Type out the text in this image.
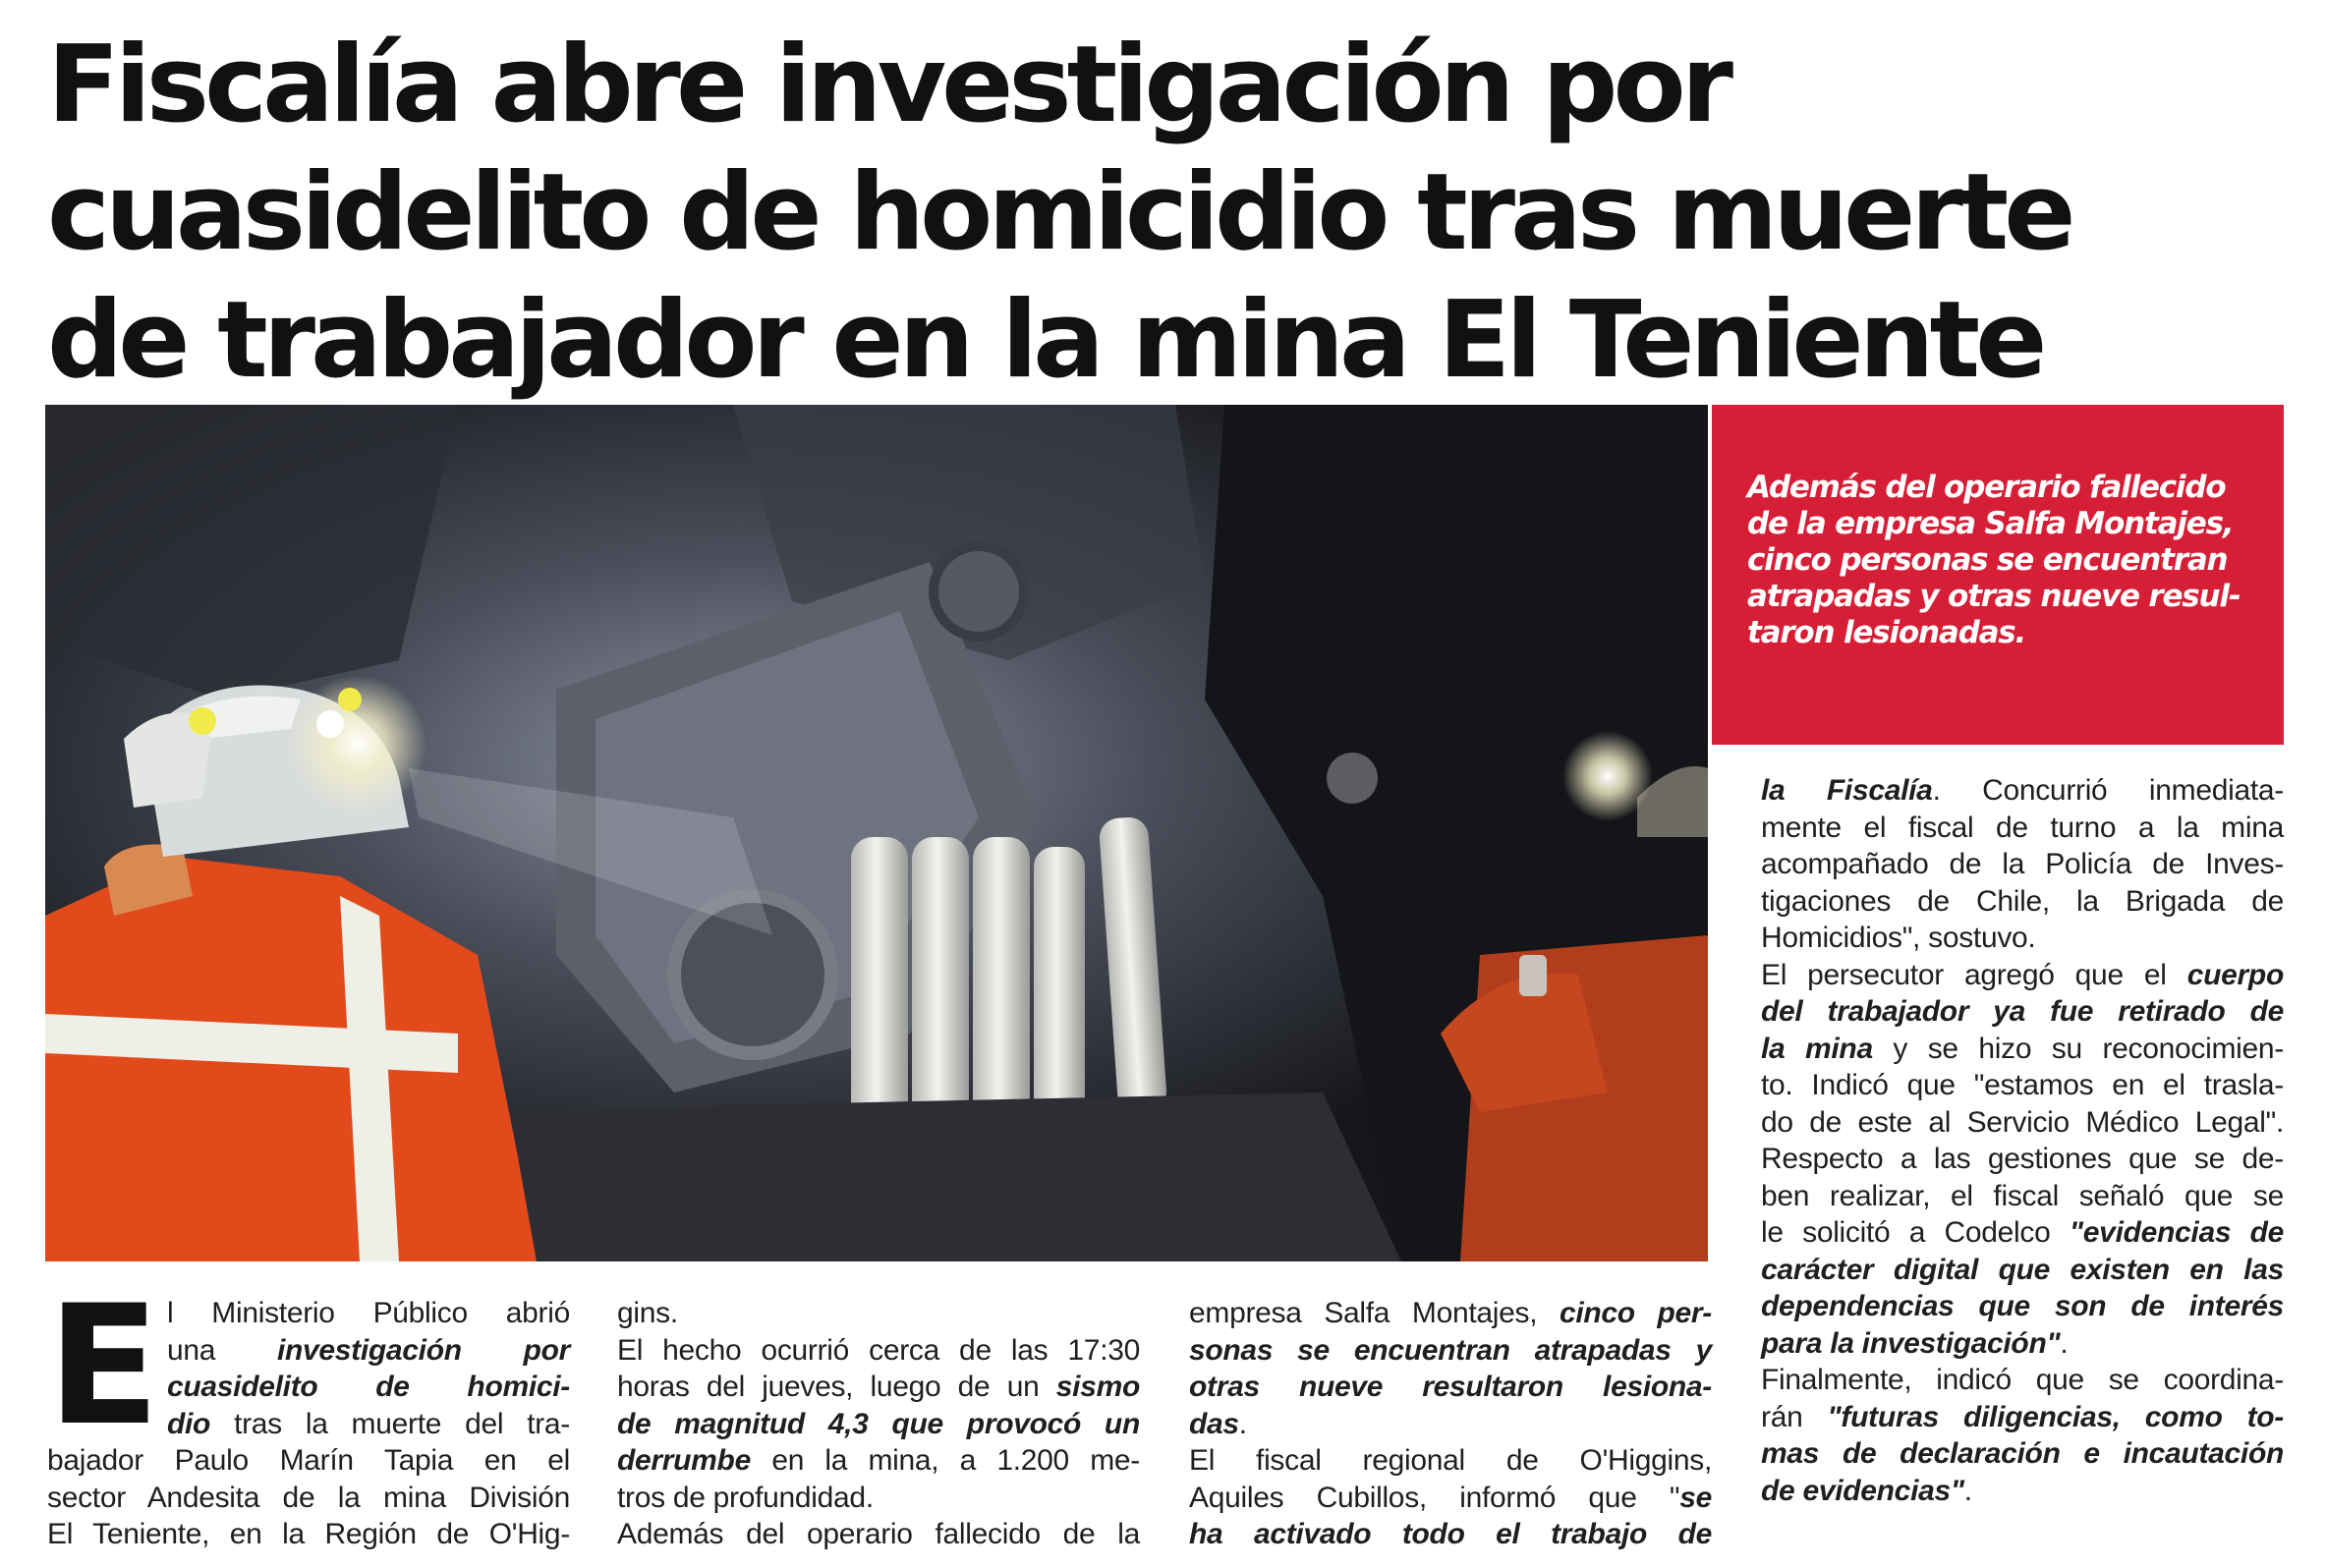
Fiscalía abre investigación por
cuasidelito de homicidio tras muerte
de trabajador en la mina El Teniente

Además del operario fallecido
de la empresa Salfa Montajes,
cinco personas se encuentran
atrapadas y otras nueve resul-
taron lesionadas.

E l Ministerio Público abrió
una investigación por
cuasidelito de homici-
dio tras la muerte del tra-
bajador Paulo Marín Tapia en el
sector Andesita de la mina División
El Teniente, en la Región de O'Hig-
gins.
El hecho ocurrió cerca de las 17:30
horas del jueves, luego de un sismo
de magnitud 4,3 que provocó un
derrumbe en la mina, a 1.200 me-
tros de profundidad.
Además del operario fallecido de la
empresa Salfa Montajes, cinco per-
sonas se encuentran atrapadas y
otras nueve resultaron lesiona-
das.
El fiscal regional de O'Higgins,
Aquiles Cubillos, informó que "se
ha activado todo el trabajo de
la Fiscalía. Concurrió inmediata-
mente el fiscal de turno a la mina
acompañado de la Policía de Inves-
tigaciones de Chile, la Brigada de
Homicidios", sostuvo.
El persecutor agregó que el cuerpo
del trabajador ya fue retirado de
la mina y se hizo su reconocimien-
to. Indicó que "estamos en el trasla-
do de este al Servicio Médico Legal".
Respecto a las gestiones que se de-
ben realizar, el fiscal señaló que se
le solicitó a Codelco "evidencias de
carácter digital que existen en las
dependencias que son de interés
para la investigación".
Finalmente, indicó que se coordina-
rán "futuras diligencias, como to-
mas de declaración e incautación
de evidencias".
